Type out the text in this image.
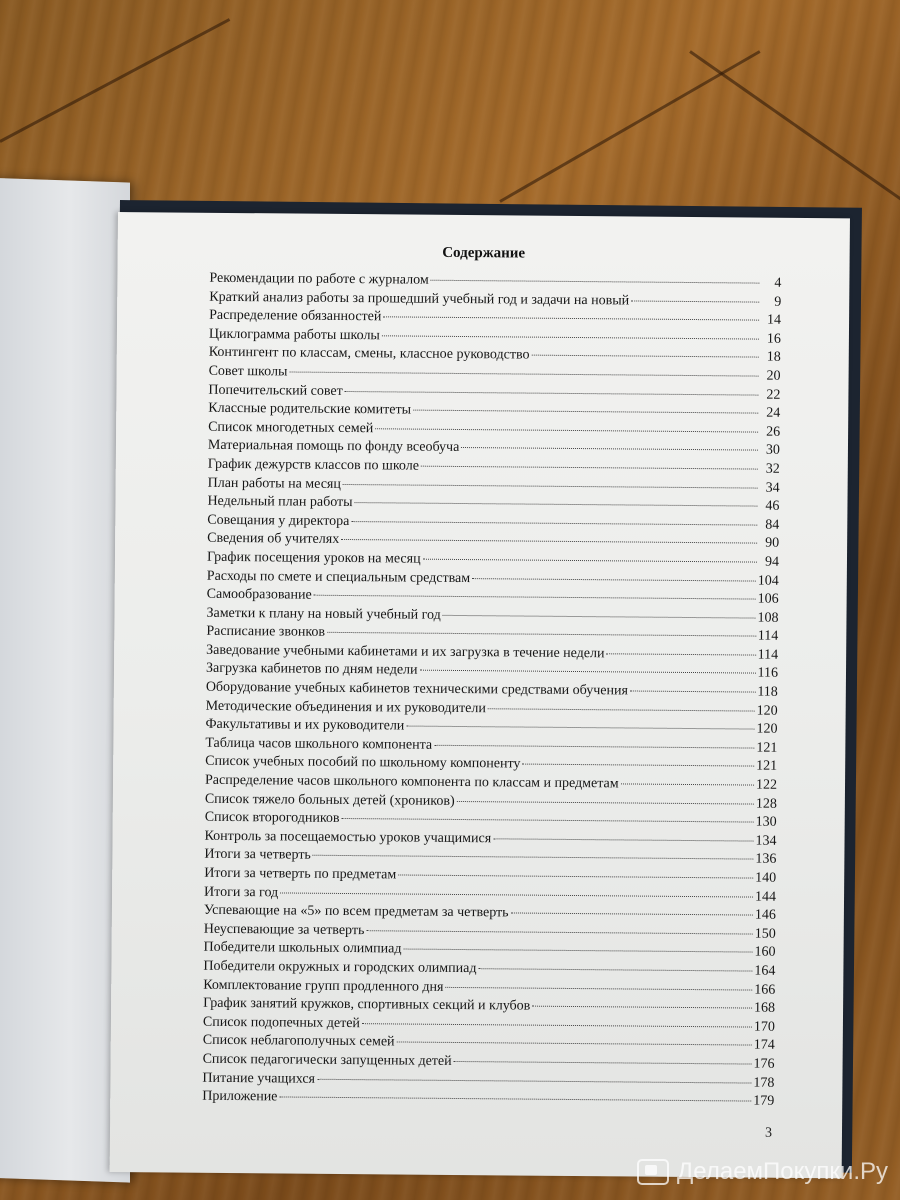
Содержание
Рекомендации по работе с журналом	4
Краткий анализ работы за прошедший учебный год и задачи на новый	9
Распределение обязанностей	14
Циклограмма работы школы	16
Контингент по классам, смены, классное руководство	18
Совет школы	20
Попечительский совет	22
Классные родительские комитеты	24
Список многодетных семей	26
Материальная помощь по фонду всеобуча	30
График дежурств классов по школе	32
План работы на месяц	34
Недельный план работы	46
Совещания у директора	84
Сведения об учителях	90
График посещения уроков на месяц	94
Расходы по смете и специальным средствам	104
Самообразование	106
Заметки к плану на новый учебный год	108
Расписание звонков	114
Заведование учебными кабинетами и их загрузка в течение недели	114
Загрузка кабинетов по дням недели	116
Оборудование учебных кабинетов техническими средствами обучения	118
Методические объединения и их руководители	120
Факультативы и их руководители	120
Таблица часов школьного компонента	121
Список учебных пособий по школьному компоненту	121
Распределение часов школьного компонента по классам и предметам	122
Список тяжело больных детей (хроников)	128
Список второгодников	130
Контроль за посещаемостью уроков учащимися	134
Итоги за четверть	136
Итоги за четверть по предметам	140
Итоги за год	144
Успевающие на «5» по всем предметам за четверть	146
Неуспевающие за четверть	150
Победители школьных олимпиад	160
Победители окружных и городских олимпиад	164
Комплектование групп продленного дня	166
График занятий кружков, спортивных секций и клубов	168
Список подопечных детей	170
Список неблагополучных семей	174
Список педагогически запущенных детей	176
Питание учащихся	178
Приложение	179
3
ДелаемПокупки.Ру
